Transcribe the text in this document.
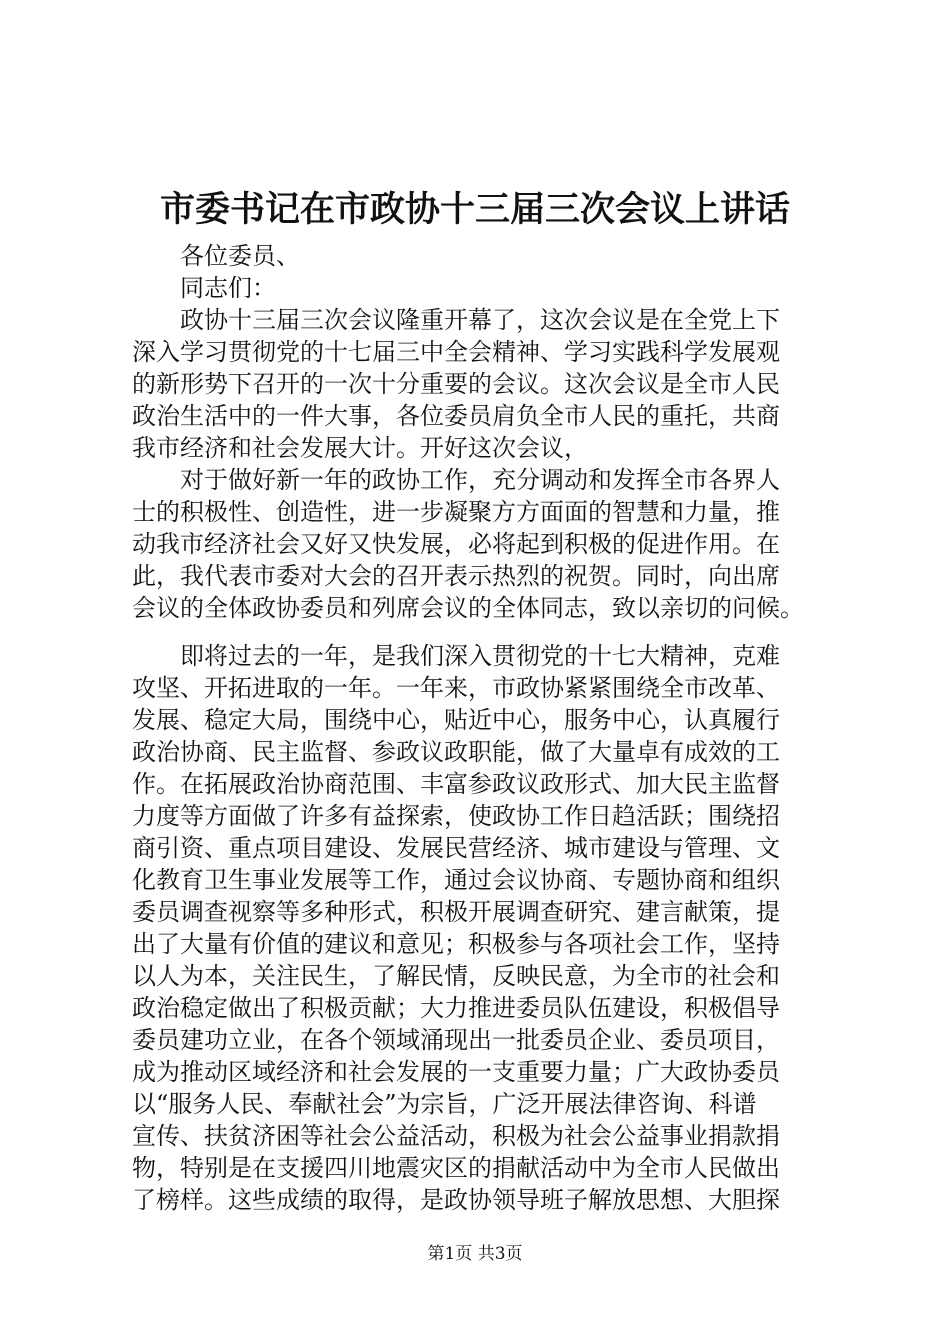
市委书记在市政协十三届三次会议上讲话
各位委员、
同志们：
政协十三届三次会议隆重开幕了，这次会议是在全党上下
深入学习贯彻党的十七届三中全会精神、学习实践科学发展观
的新形势下召开的一次十分重要的会议。这次会议是全市人民
政治生活中的一件大事，各位委员肩负全市人民的重托，共商
我市经济和社会发展大计。开好这次会议，
对于做好新一年的政协工作，充分调动和发挥全市各界人
士的积极性、创造性，进一步凝聚方方面面的智慧和力量，推
动我市经济社会又好又快发展，必将起到积极的促进作用。在
此，我代表市委对大会的召开表示热烈的祝贺。同时，向出席
会议的全体政协委员和列席会议的全体同志，致以亲切的问候。
即将过去的一年，是我们深入贯彻党的十七大精神，克难
攻坚、开拓进取的一年。一年来，市政协紧紧围绕全市改革、
发展、稳定大局，围绕中心，贴近中心，服务中心，认真履行
政治协商、民主监督、参政议政职能，做了大量卓有成效的工
作。在拓展政治协商范围、丰富参政议政形式、加大民主监督
力度等方面做了许多有益探索，使政协工作日趋活跃；围绕招
商引资、重点项目建设、发展民营经济、城市建设与管理、文
化教育卫生事业发展等工作，通过会议协商、专题协商和组织
委员调查视察等多种形式，积极开展调查研究、建言献策，提
出了大量有价值的建议和意见；积极参与各项社会工作，坚持
以人为本，关注民生，了解民情，反映民意，为全市的社会和
政治稳定做出了积极贡献；大力推进委员队伍建设，积极倡导
委员建功立业，在各个领域涌现出一批委员企业、委员项目，
成为推动区域经济和社会发展的一支重要力量；广大政协委员
以“服务人民、奉献社会”为宗旨，广泛开展法律咨询、科谱
宣传、扶贫济困等社会公益活动，积极为社会公益事业捐款捐
物，特别是在支援四川地震灾区的捐献活动中为全市人民做出
了榜样。这些成绩的取得，是政协领导班子解放思想、大胆探
第1页 共3页
